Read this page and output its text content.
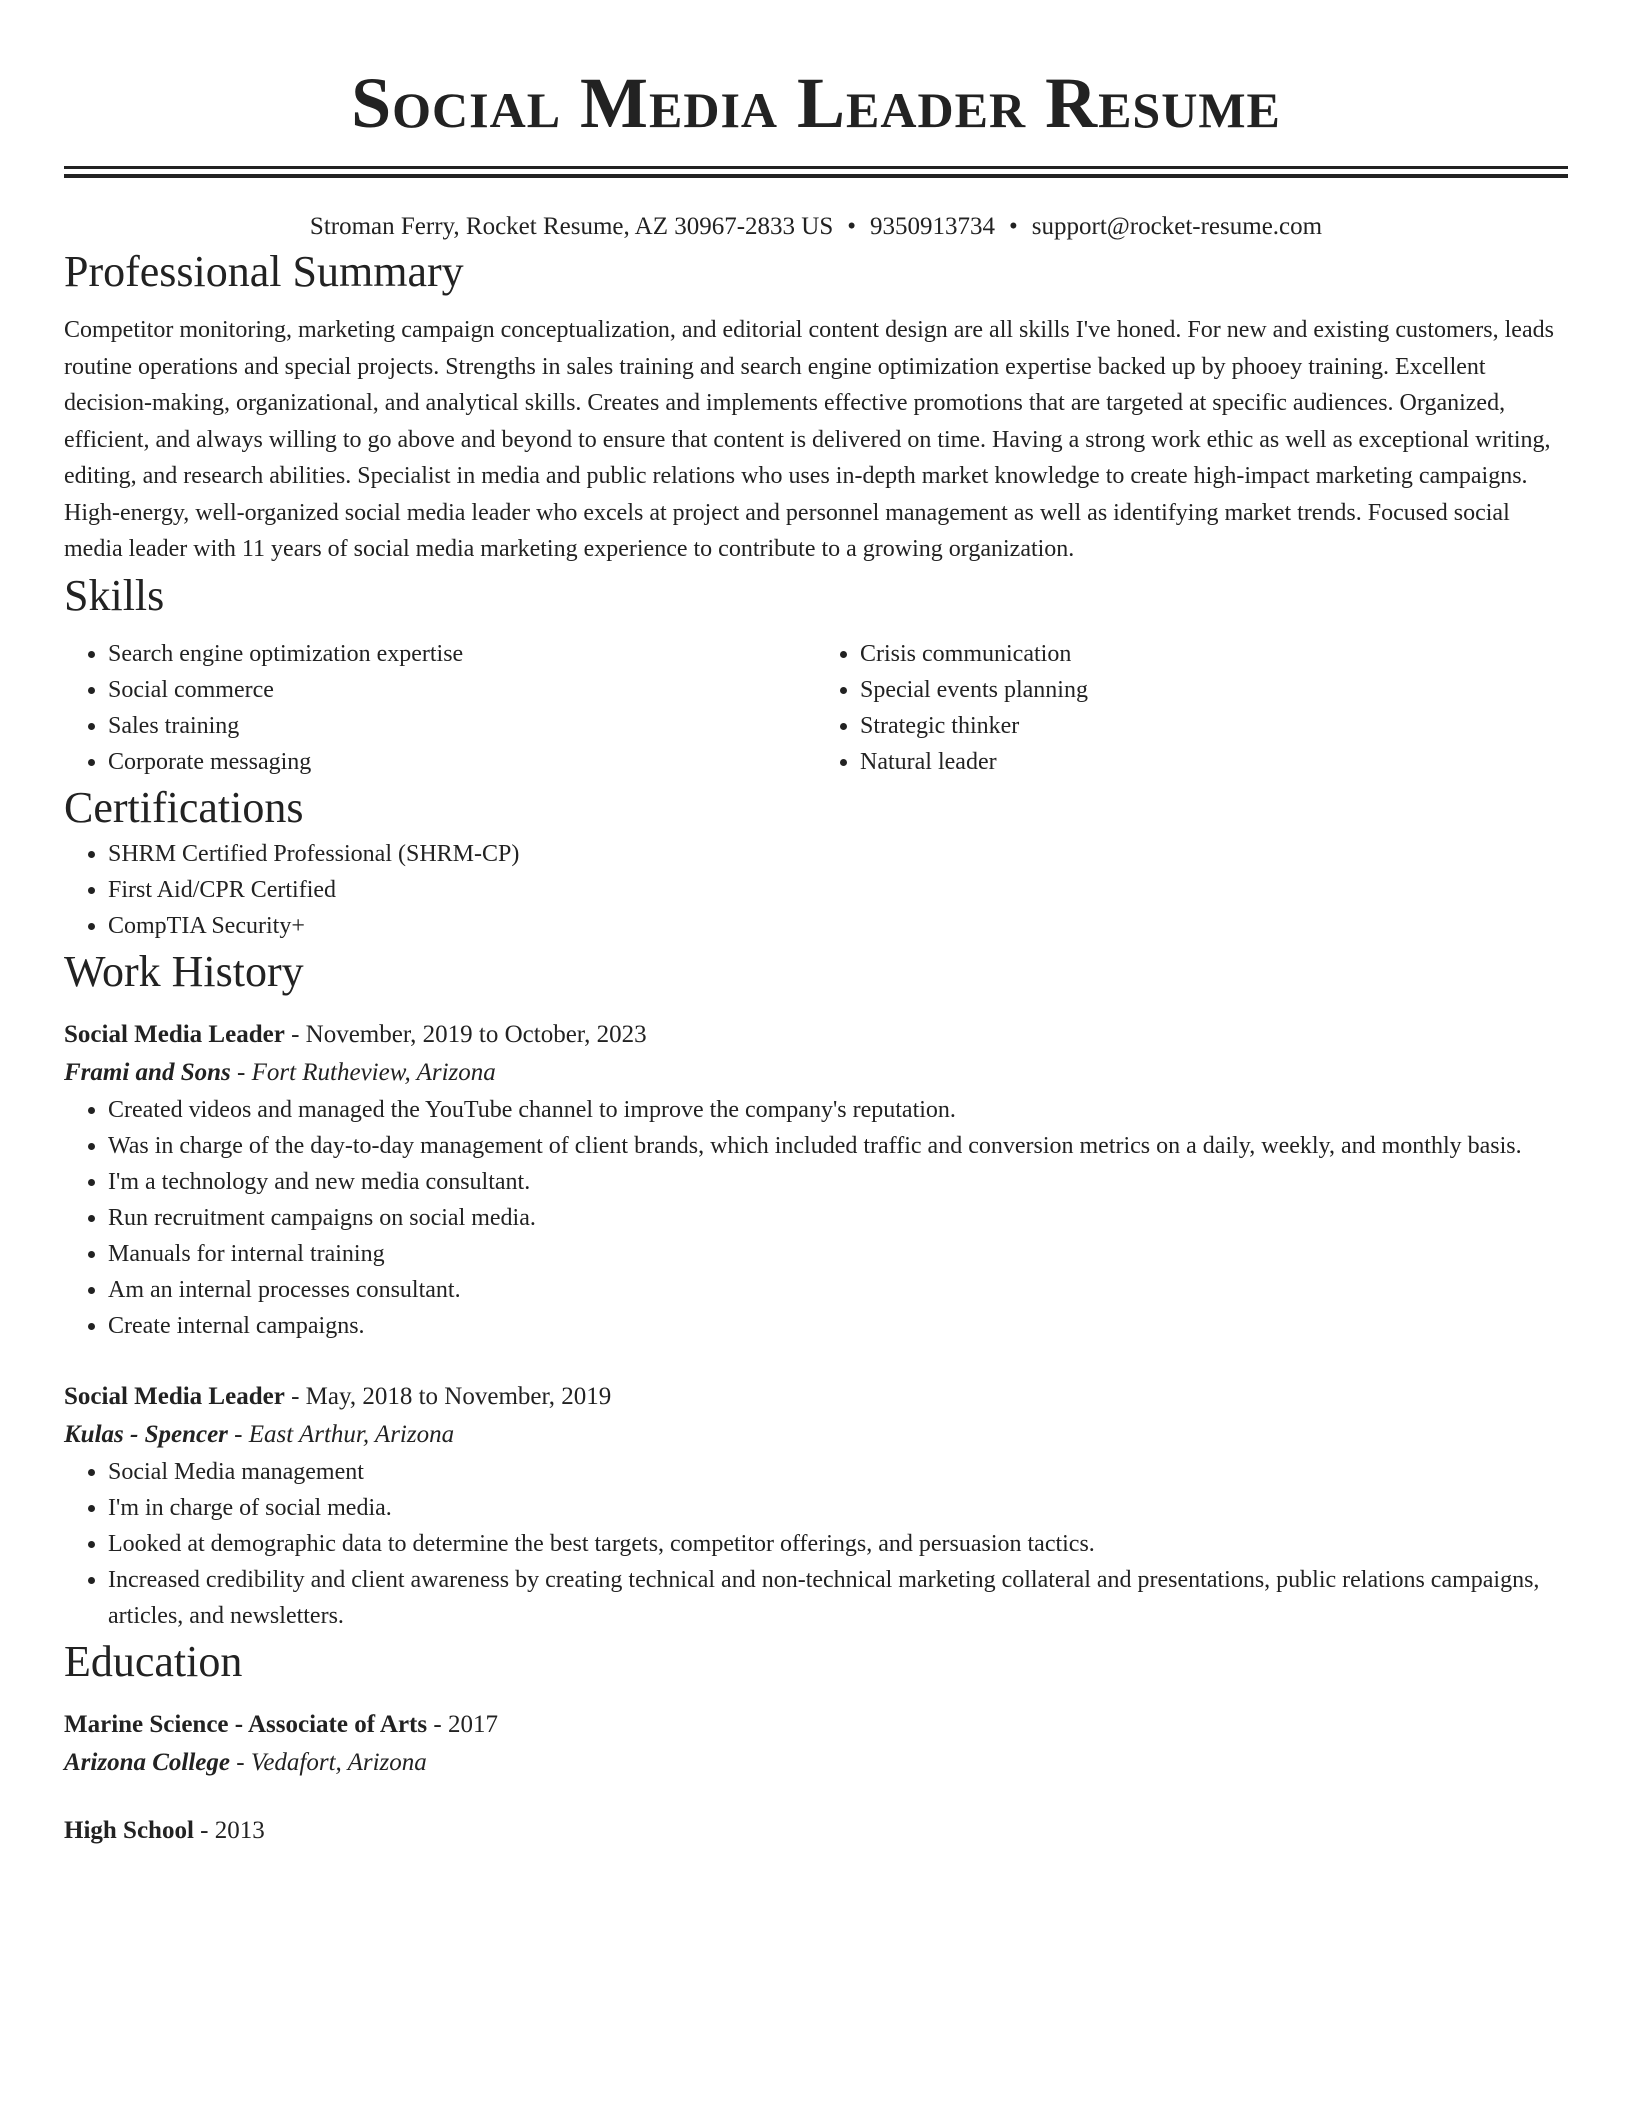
Social Media Leader Resume
Stroman Ferry, Rocket Resume, AZ 30967-2833 US • 9350913734 • support@rocket-resume.com
Professional Summary

Competitor monitoring, marketing campaign conceptualization, and editorial content design are all skills I've honed. For new and existing customers, leads routine operations and special projects. Strengths in sales training and search engine optimization expertise backed up by phooey training. Excellent decision-making, organizational, and analytical skills. Creates and implements effective promotions that are targeted at specific audiences. Organized, efficient, and always willing to go above and beyond to ensure that content is delivered on time. Having a strong work ethic as well as exceptional writing, editing, and research abilities. Specialist in media and public relations who uses in-depth market knowledge to create high-impact marketing campaigns. High-energy, well-organized social media leader who excels at project and personnel management as well as identifying market trends. Focused social media leader with 11 years of social media marketing experience to contribute to a growing organization.

Skills
• Search engine optimization expertise
• Social commerce
• Sales training
• Corporate messaging
• Crisis communication
• Special events planning
• Strategic thinker
• Natural leader
Certifications
• SHRM Certified Professional (SHRM-CP)
• First Aid/CPR Certified
• CompTIA Security+
Work History
Social Media Leader - November, 2019 to October, 2023
Frami and Sons - Fort Rutheview, Arizona
• Created videos and managed the YouTube channel to improve the company's reputation.
• Was in charge of the day-to-day management of client brands, which included traffic and conversion metrics on a daily, weekly, and monthly basis.
• I'm a technology and new media consultant.
• Run recruitment campaigns on social media.
• Manuals for internal training
• Am an internal processes consultant.
• Create internal campaigns.
Social Media Leader - May, 2018 to November, 2019
Kulas - Spencer - East Arthur, Arizona
• Social Media management
• I'm in charge of social media.
• Looked at demographic data to determine the best targets, competitor offerings, and persuasion tactics.
• Increased credibility and client awareness by creating technical and non-technical marketing collateral and presentations, public relations campaigns, articles, and newsletters.
Education
Marine Science - Associate of Arts - 2017
Arizona College - Vedafort, Arizona
High School - 2013
